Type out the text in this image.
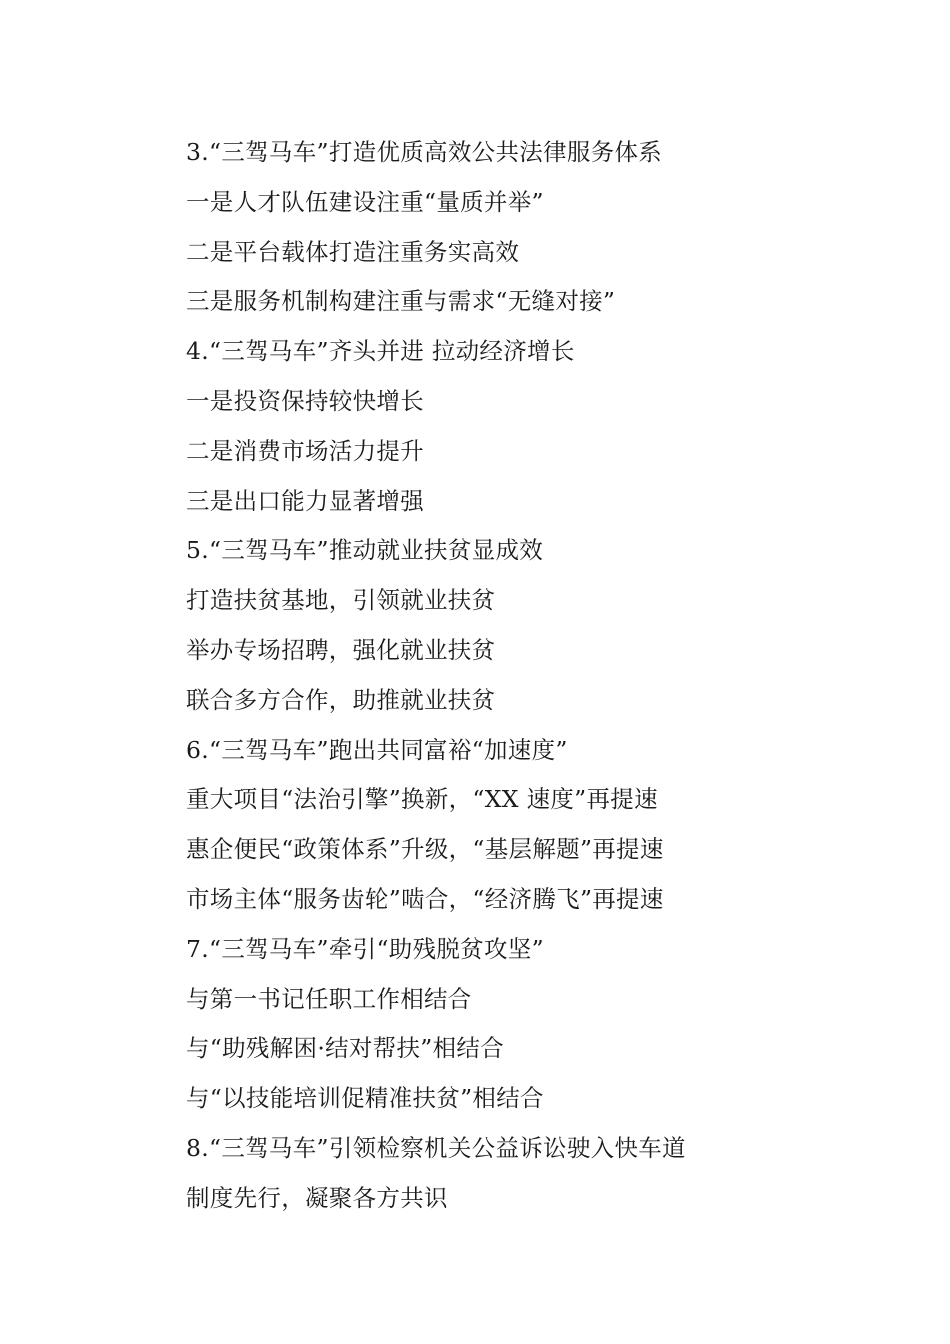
3.“三驾马车”打造优质高效公共法律服务体系
一是人才队伍建设注重“量质并举”
二是平台载体打造注重务实高效
三是服务机制构建注重与需求“无缝对接”
4.“三驾马车”齐头并进 拉动经济增长
一是投资保持较快增长
二是消费市场活力提升
三是出口能力显著增强
5.“三驾马车”推动就业扶贫显成效
打造扶贫基地，引领就业扶贫
举办专场招聘，强化就业扶贫
联合多方合作，助推就业扶贫
6.“三驾马车”跑出共同富裕“加速度”
重大项目“法治引擎”换新，“XX 速度”再提速
惠企便民“政策体系”升级，“基层解题”再提速
市场主体“服务齿轮”啮合，“经济腾飞”再提速
7.“三驾马车”牵引“助残脱贫攻坚”
与第一书记任职工作相结合
与“助残解困·结对帮扶”相结合
与“以技能培训促精准扶贫”相结合
8.“三驾马车”引领检察机关公益诉讼驶入快车道
制度先行，凝聚各方共识
